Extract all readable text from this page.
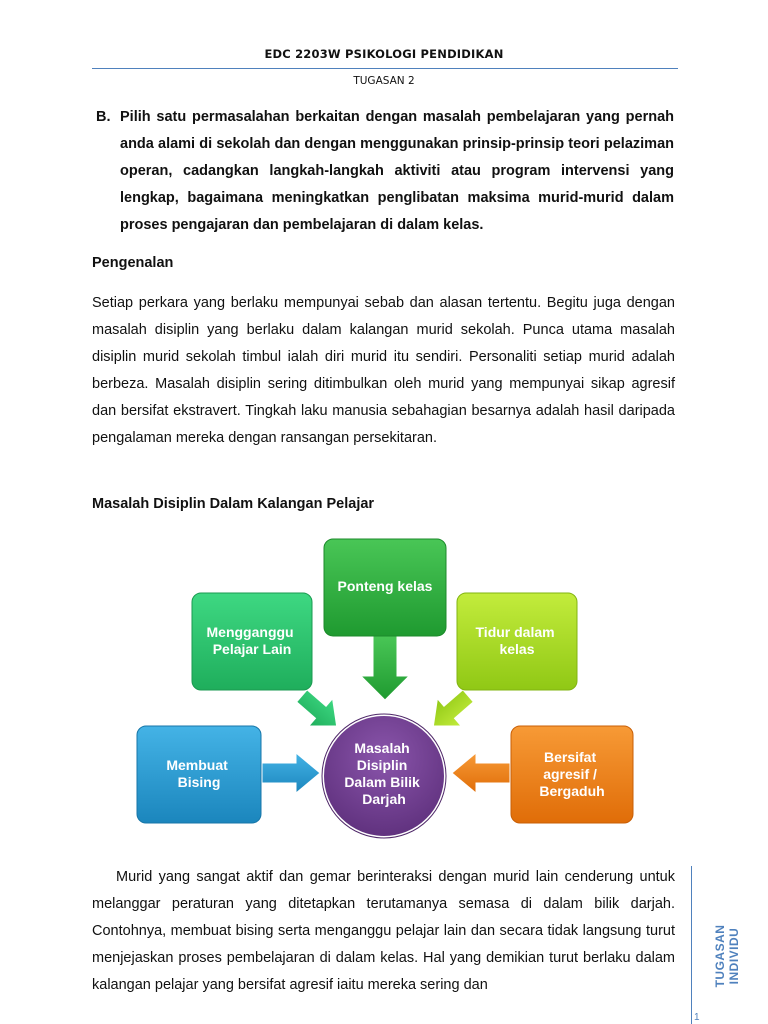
EDC 2203W PSIKOLOGI PENDIDIKAN
TUGASAN 2
B. Pilih satu permasalahan berkaitan dengan masalah pembelajaran yang pernah anda alami di sekolah dan dengan menggunakan prinsip-prinsip teori pelaziman operan, cadangkan langkah-langkah aktiviti atau program intervensi yang lengkap, bagaimana meningkatkan penglibatan maksima murid-murid dalam proses pengajaran dan pembelajaran di dalam kelas.
Pengenalan

Setiap perkara yang berlaku mempunyai sebab dan alasan tertentu. Begitu juga dengan masalah disiplin yang berlaku dalam kalangan murid sekolah. Punca utama masalah disiplin murid sekolah timbul ialah diri murid itu sendiri. Personaliti setiap murid adalah berbeza. Masalah disiplin sering ditimbulkan oleh murid yang mempunyai sikap agresif dan bersifat ekstravert. Tingkah laku manusia sebahagian besarnya adalah hasil daripada pengalaman mereka dengan ransangan persekitaran.

Masalah Disiplin Dalam Kalangan Pelajar
Ponteng kelas
Mengganggu Pelajar Lain
Tidur dalam kelas
Membuat Bising
Bersifat agresif / Bergaduh
Masalah Disiplin Dalam Bilik Darjah

Murid yang sangat aktif dan gemar berinteraksi dengan murid lain cenderung untuk melanggar peraturan yang ditetapkan terutamanya semasa di dalam bilik darjah. Contohnya, membuat bising serta menganggu pelajar lain dan secara tidak langsung turut menjejaskan proses pembelajaran di dalam kelas. Hal yang demikian turut berlaku dalam kalangan pelajar yang bersifat agresif iaitu mereka sering dan	TUGASAN INDIVIDU
1
